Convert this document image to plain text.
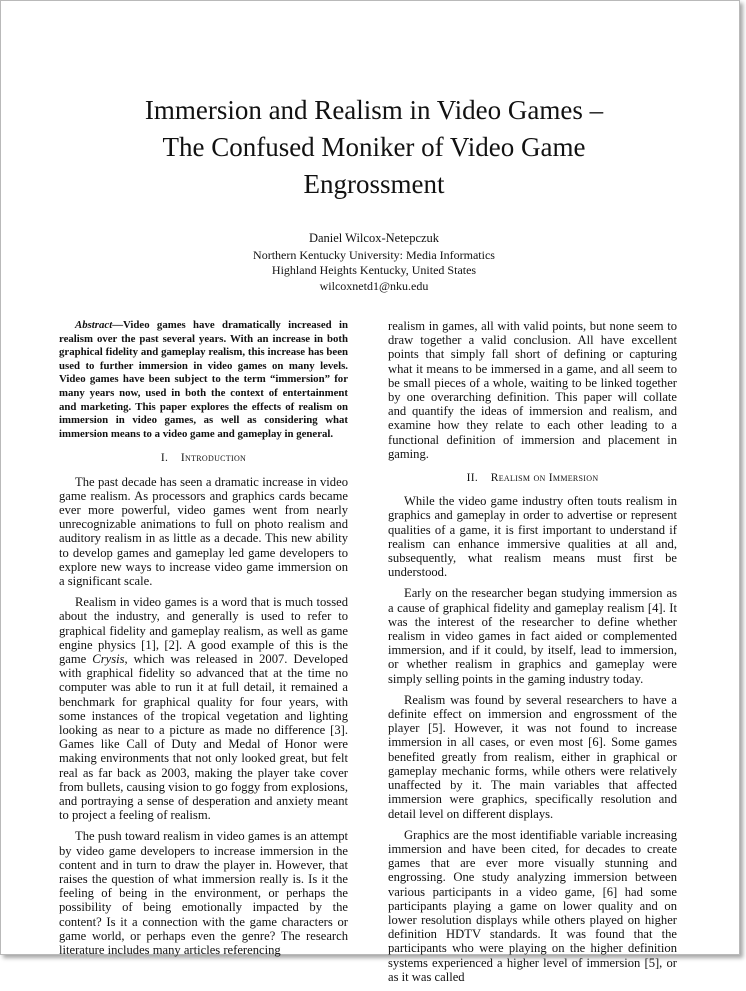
Immersion and Realism in Video Games –
The Confused Moniker of Video Game
Engrossment
Daniel Wilcox-Netepczuk
Northern Kentucky University: Media Informatics
Highland Heights Kentucky, United States
wilcoxnetd1@nku.edu

Abstract—Video games have dramatically increased in realism over the past several years. With an increase in both graphical fidelity and gameplay realism, this increase has been used to further immersion in video games on many levels. Video games have been subject to the term “immersion” for many years now, used in both the context of entertainment and marketing. This paper explores the effects of realism on immersion in video games, as well as considering what immersion means to a video game and gameplay in general.

I. Introduction

The past decade has seen a dramatic increase in video game realism. As processors and graphics cards became ever more powerful, video games went from nearly unrecognizable animations to full on photo realism and auditory realism in as little as a decade. This new ability to develop games and gameplay led game developers to explore new ways to increase video game immersion on a significant scale.

Realism in video games is a word that is much tossed about the industry, and generally is used to refer to graphical fidelity and gameplay realism, as well as game engine physics [1], [2]. A good example of this is the game Crysis, which was released in 2007. Developed with graphical fidelity so advanced that at the time no computer was able to run it at full detail, it remained a benchmark for graphical quality for four years, with some instances of the tropical vegetation and lighting looking as near to a picture as made no difference [3]. Games like Call of Duty and Medal of Honor were making environments that not only looked great, but felt real as far back as 2003, making the player take cover from bullets, causing vision to go foggy from explosions, and portraying a sense of desperation and anxiety meant to project a feeling of realism.

The push toward realism in video games is an attempt by video game developers to increase immersion in the content and in turn to draw the player in. However, that raises the question of what immersion really is. Is it the feeling of being in the environment, or perhaps the possibility of being emotionally impacted by the content? Is it a connection with the game characters or game world, or perhaps even the genre? The research literature includes many articles referencing

realism in games, all with valid points, but none seem to draw together a valid conclusion. All have excellent points that simply fall short of defining or capturing what it means to be immersed in a game, and all seem to be small pieces of a whole, waiting to be linked together by one overarching definition. This paper will collate and quantify the ideas of immersion and realism, and examine how they relate to each other leading to a functional definition of immersion and placement in gaming.

II. Realism on Immersion

While the video game industry often touts realism in graphics and gameplay in order to advertise or represent qualities of a game, it is first important to understand if realism can enhance immersive qualities at all and, subsequently, what realism means must first be understood.

Early on the researcher began studying immersion as a cause of graphical fidelity and gameplay realism [4]. It was the interest of the researcher to define whether realism in video games in fact aided or complemented immersion, and if it could, by itself, lead to immersion, or whether realism in graphics and gameplay were simply selling points in the gaming industry today.

Realism was found by several researchers to have a definite effect on immersion and engrossment of the player [5]. However, it was not found to increase immersion in all cases, or even most [6]. Some games benefited greatly from realism, either in graphical or gameplay mechanic forms, while others were relatively unaffected by it. The main variables that affected immersion were graphics, specifically resolution and detail level on different displays.

Graphics are the most identifiable variable increasing immersion and have been cited, for decades to create games that are ever more visually stunning and engrossing. One study analyzing immersion between various participants in a video game, [6] had some participants playing a game on lower quality and on lower resolution displays while others played on higher definition HDTV standards. It was found that the participants who were playing on the higher definition systems experienced a higher level of immersion [5], or as it was called
